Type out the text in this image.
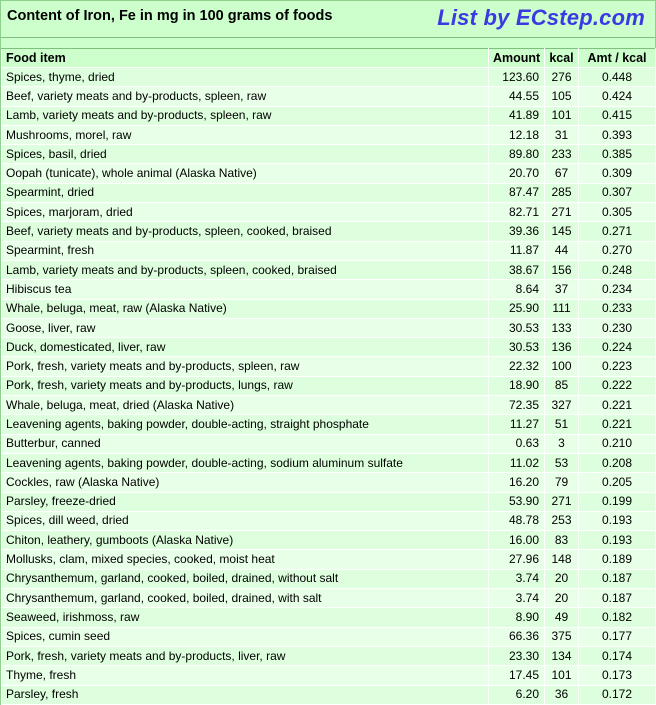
Content of Iron, Fe in mg in 100 grams of foods	List by ECstep.com
Food item	Amount	kcal	Amt / kcal
Spices, thyme, dried	123.60	276	0.448
Beef, variety meats and by-products, spleen, raw	44.55	105	0.424
Lamb, variety meats and by-products, spleen, raw	41.89	101	0.415
Mushrooms, morel, raw	12.18	31	0.393
Spices, basil, dried	89.80	233	0.385
Oopah (tunicate), whole animal (Alaska Native)	20.70	67	0.309
Spearmint, dried	87.47	285	0.307
Spices, marjoram, dried	82.71	271	0.305
Beef, variety meats and by-products, spleen, cooked, braised	39.36	145	0.271
Spearmint, fresh	11.87	44	0.270
Lamb, variety meats and by-products, spleen, cooked, braised	38.67	156	0.248
Hibiscus tea	8.64	37	0.234
Whale, beluga, meat, raw (Alaska Native)	25.90	111	0.233
Goose, liver, raw	30.53	133	0.230
Duck, domesticated, liver, raw	30.53	136	0.224
Pork, fresh, variety meats and by-products, spleen, raw	22.32	100	0.223
Pork, fresh, variety meats and by-products, lungs, raw	18.90	85	0.222
Whale, beluga, meat, dried (Alaska Native)	72.35	327	0.221
Leavening agents, baking powder, double-acting, straight phosphate	11.27	51	0.221
Butterbur, canned	0.63	3	0.210
Leavening agents, baking powder, double-acting, sodium aluminum sulfate	11.02	53	0.208
Cockles, raw (Alaska Native)	16.20	79	0.205
Parsley, freeze-dried	53.90	271	0.199
Spices, dill weed, dried	48.78	253	0.193
Chiton, leathery, gumboots (Alaska Native)	16.00	83	0.193
Mollusks, clam, mixed species, cooked, moist heat	27.96	148	0.189
Chrysanthemum, garland, cooked, boiled, drained, without salt	3.74	20	0.187
Chrysanthemum, garland, cooked, boiled, drained, with salt	3.74	20	0.187
Seaweed, irishmoss, raw	8.90	49	0.182
Spices, cumin seed	66.36	375	0.177
Pork, fresh, variety meats and by-products, liver, raw	23.30	134	0.174
Thyme, fresh	17.45	101	0.173
Parsley, fresh	6.20	36	0.172
